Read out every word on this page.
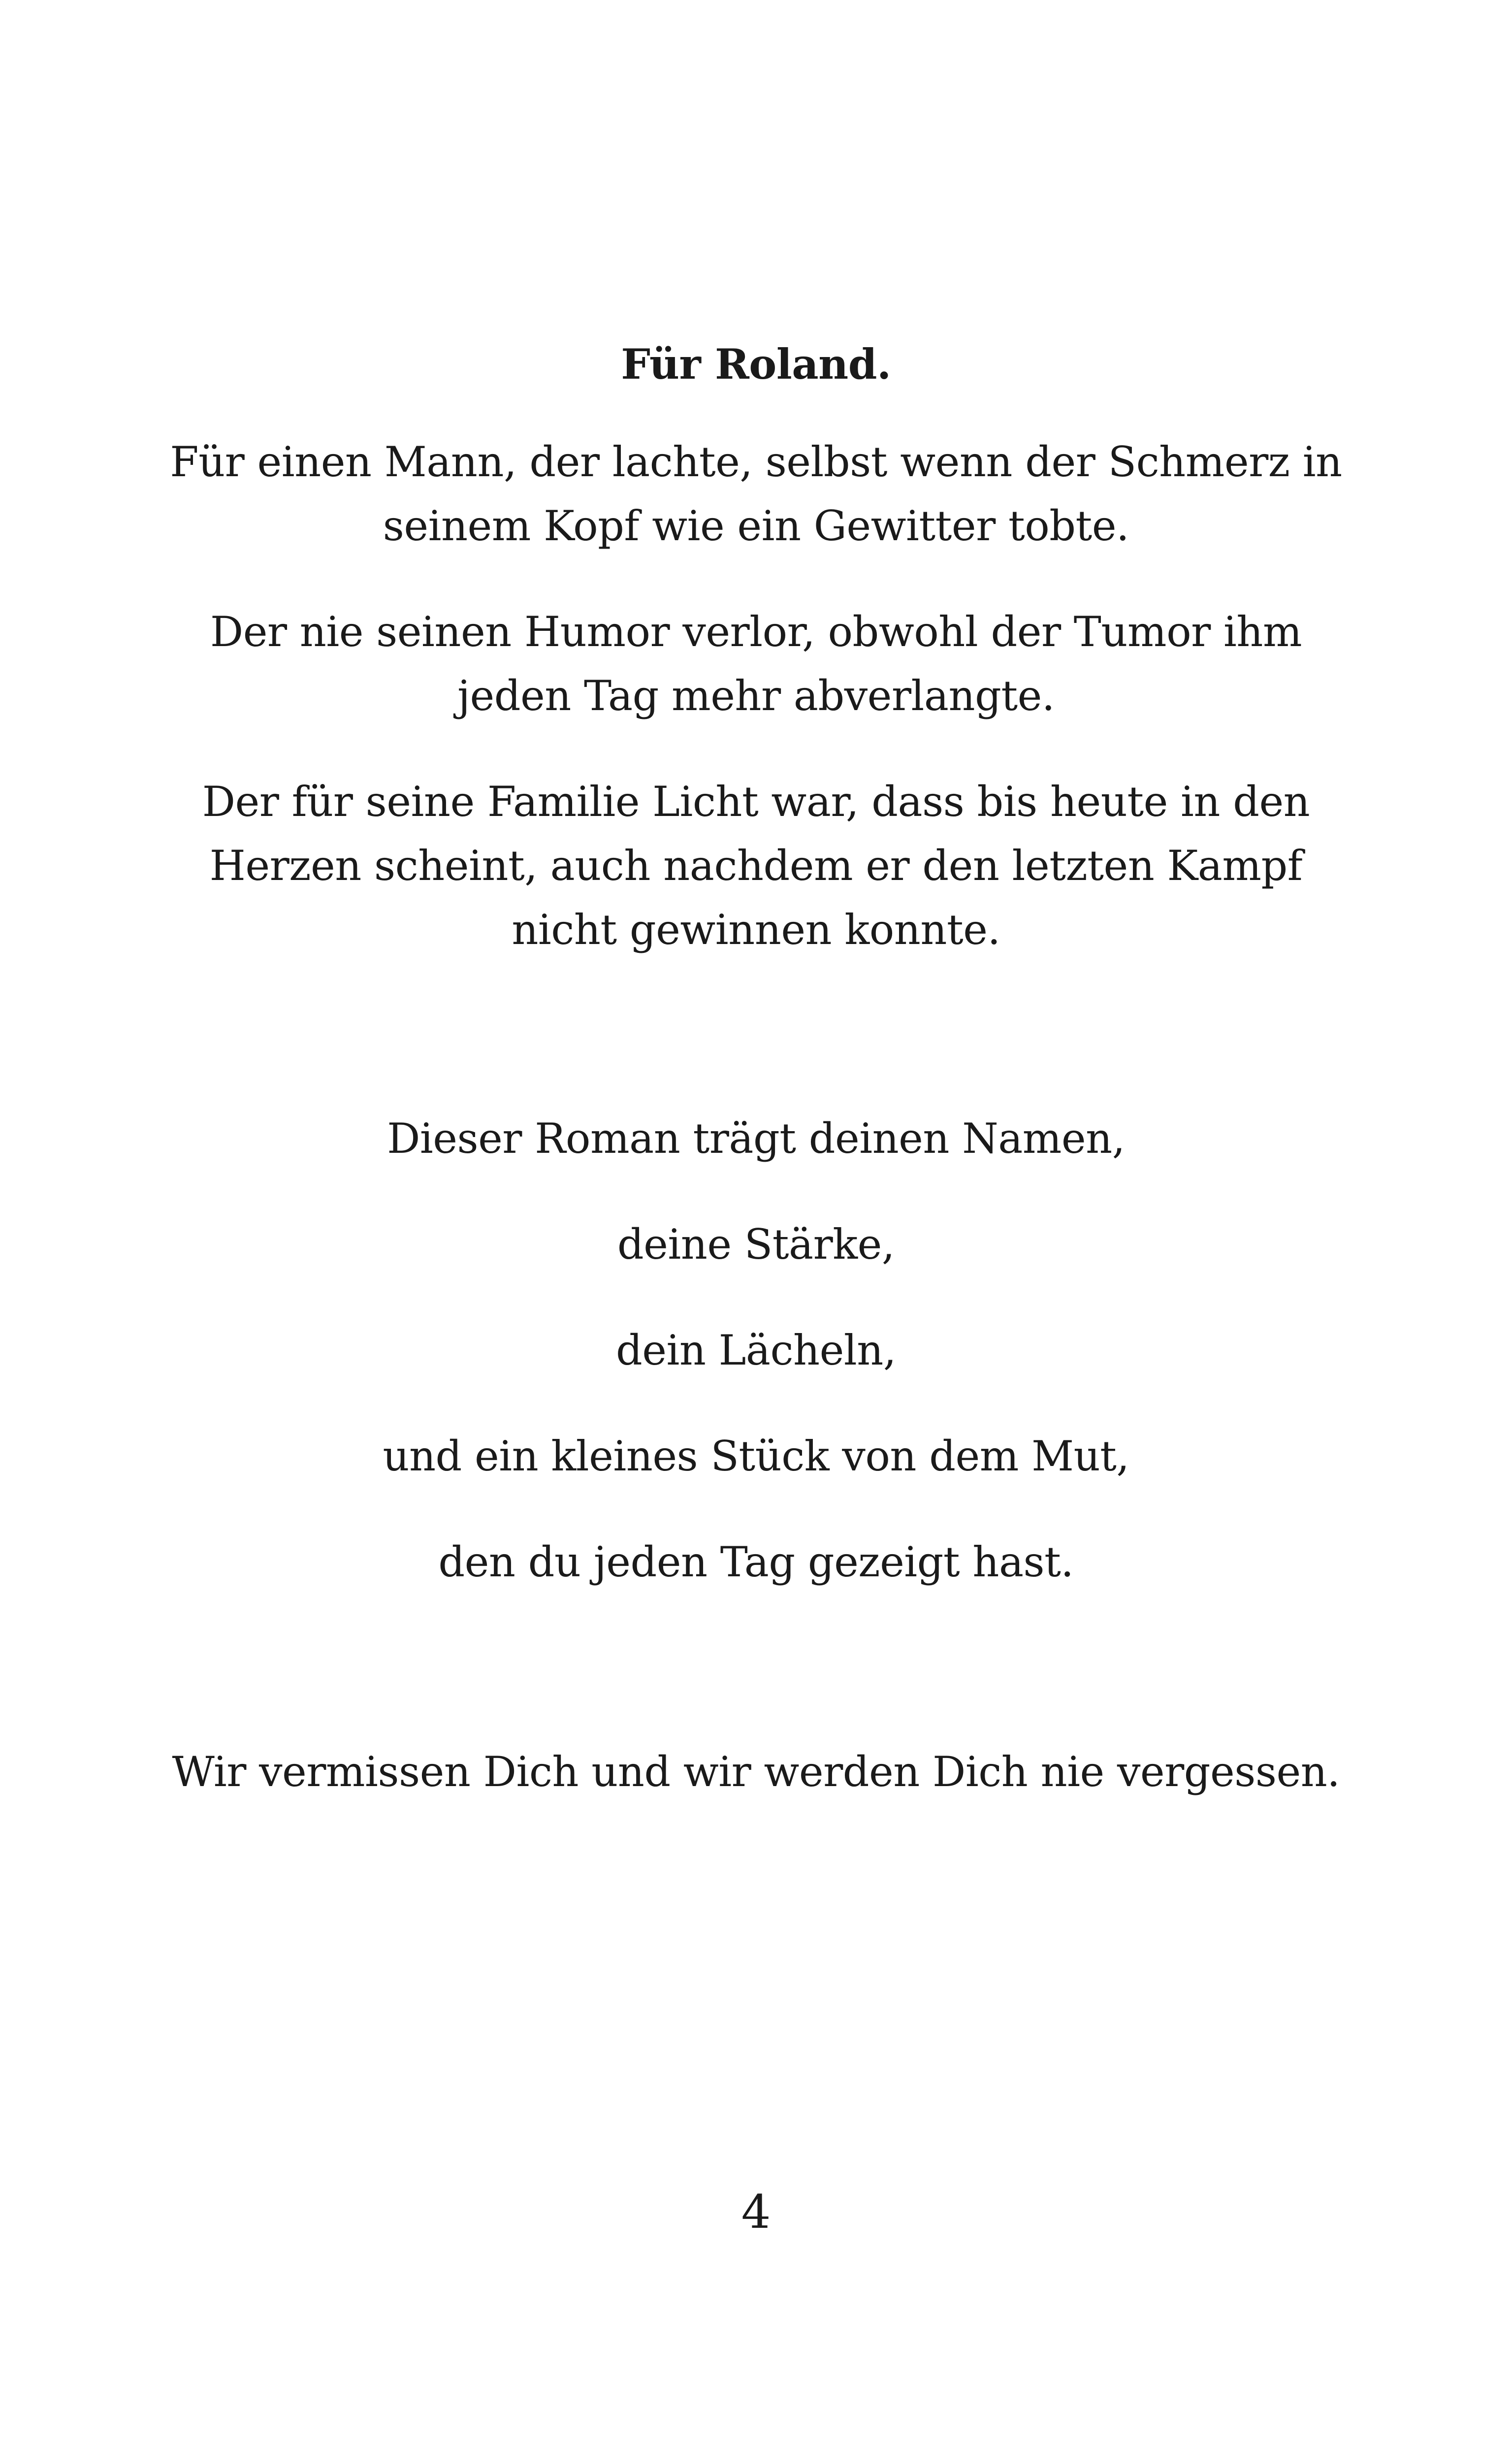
Für Roland.
Für einen Mann, der lachte, selbst wenn der Schmerz in
seinem Kopf wie ein Gewitter tobte.
Der nie seinen Humor verlor, obwohl der Tumor ihm
jeden Tag mehr abverlangte.
Der für seine Familie Licht war, dass bis heute in den
Herzen scheint, auch nachdem er den letzten Kampf
nicht gewinnen konnte.
Dieser Roman trägt deinen Namen,
deine Stärke,
dein Lächeln,
und ein kleines Stück von dem Mut,
den du jeden Tag gezeigt hast.
Wir vermissen Dich und wir werden Dich nie vergessen.
4
